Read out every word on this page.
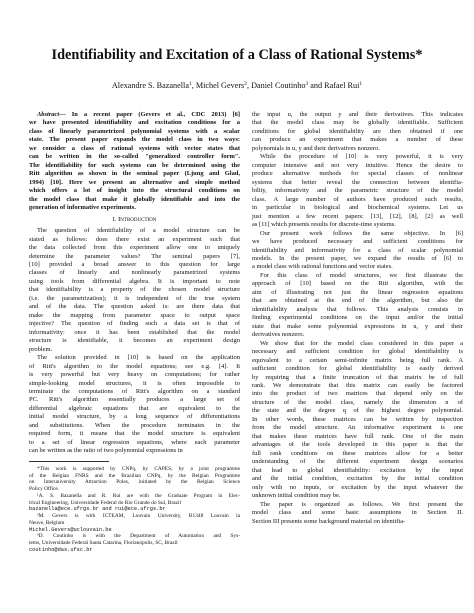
Identifiability and Excitation of a Class of Rational Systems*
Alexandre S. Bazanella$^1$, Michel Gevers$^2$, Daniel Coutinho$^3$ and Rafael Rui$^1$
Abstract— In a recent paper (Gevers et al., CDC 2013) [6]
we have presented identifiability and excitation conditions for a
class of linearly parametrized polynomial systems with a scalar
state. The present paper expands the model class in two ways:
we consider a class of rational systems with vector states that
can be written in the so-called "generalized controller form".
The identifiability for such systems can be determined using the
Ritt algorithm as shown in the seminal paper (Ljung and Glad,
1994) [10]. Here we present an alternative and simple method
which offers a lot of insight into the structural conditions on
the model class that make it globally identifiable and into the
generation of informative experiments.
I. Introduction
The question of identifiability of a model structure can be
stated as follows: does there exist an experiment such that
the data collected from this experiment allow one to uniquely
determine the parameter values? The seminal papers [7],
[10] provided a broad answer to this question for large
classes of linearly and nonlinearly parametrized systems
using tools from differential algebra. It is important to note
that identifiability is a property of the chosen model structure
(i.e. the parametrization); it is independent of the true system
and of the data. The question asked is: are there data that
make the mapping from parameter space to output space
injective? The question of finding such a data set is that of
informativity: once it has been established that the model
structure is identifiable, it becomes an experiment design
problem.
The solution provided in [10] is based on the application
of Ritt's algorithm to the model equations; see e.g. [4]. It
is very powerful but very heavy on computations; for rather
simple-looking model structures, it is often impossible to
terminate the computations of Ritt's algorithm on a standard
PC. Ritt's algorithm essentially produces a large set of
differential algebraic equations that are equivalent to the
initial model structure, by a long sequence of differentiations
and substitutions. When the procedure terminates in the
required form, it means that the model structure is equivalent
to a set of linear regression equations, where each parameter
can be written as the ratio of two polynomial expressions in
*This work is supported by CNPq, by CAPES, by a joint programme
of the Belgian FNRS and the Brazilian CNPq, by the Belgian Programme
on Interuniversity Attraction Poles, initiated by the Belgian Science
Policy Office.
¹A. S. Bazanella and R. Rui are with the Graduate Program in Elec-
trical Engineering, Universidade Federal do Rio Grande do Sul, Brazil
bazanella@ece.ufrgs.br and rui@ece.ufrgs.br
²M. Gevers is with ICTEAM, Louvain University, B1348 Louvain la
Neuve, Belgium
Michel.Gevers@uclouvain.be
³D. Coutinho is with the Department of Automation and Sys-
tems, Universidade Federal Santa Catarina, Florianópolis, SC, Brazil
coutinho@das.ufsc.br
the input u, the output y and their derivatives. This indicates
that the model class may be globally identifiable. Sufficient
conditions for global identifiability are then obtained if one
can produce an experiment that makes a number of these
polynomials in u, y and their derivatives nonzero.
While the procedure of [10] is very powerful, it is very
computer intensive and not very intuitive. Hence the desire to
produce alternative methods for special classes of nonlinear
systems that better reveal the connection between identifia-
bility, informativity and the parametric structure of the model
class. A large number of authors have produced such results,
in particular in biological and biochemical systems. Let us
just mention a few recent papers: [13], [12], [8], [2] as well
as [11] which presents results for discrete-time systems.
Our present work follows the same objective. In [6]
we have produced necessary and sufficient conditions for
identifiability and informativity for a class of scalar polynomial
models. In the present paper, we expand the results of [6] to
a model class with rational functions and vector states.
For this class of model structures, we first illustrate the
approach of [10] based on the Ritt algorithm, with the
aim of illustrating not just the linear regression equations
that are obtained at the end of the algorithm, but also the
identifiability analysis that follows. This analysis consists in
finding experimental conditions on the input and/or the initial
state that make some polynomial expressions in u, y and their
derivatives nonzero.
We show that for the model class considered in this paper a
necessary and sufficient condition for global identifiability is
equivalent to a certain semi-infinite matrix being full rank. A
sufficient condition for global identifiability is easily derived
by requiring that a finite truncation of that matrix be of full
rank. We demonstrate that this matrix can easily be factored
into the product of two matrices that depend only on the
structure of the model class, namely the dimension n of
the state and the degree q of the highest degree polynomial.
In other words, these matrices can be written by inspection
from the model structure. An informative experiment is one
that makes these matrices have full rank. One of the main
advantages of the tools developed in this paper is that the
full rank conditions on these matrices allow for a better
understanding of the different experiment design scenarios
that lead to global identifiability: excitation by the input
and the initial condition, excitation by the initial condition
only with no inputs, or excitation by the input whatever the
unknown initial condition may be.
The paper is organized as follows. We first present the
model class and some basic assumptions in Section II.
Section III presents some background material on identifia-
